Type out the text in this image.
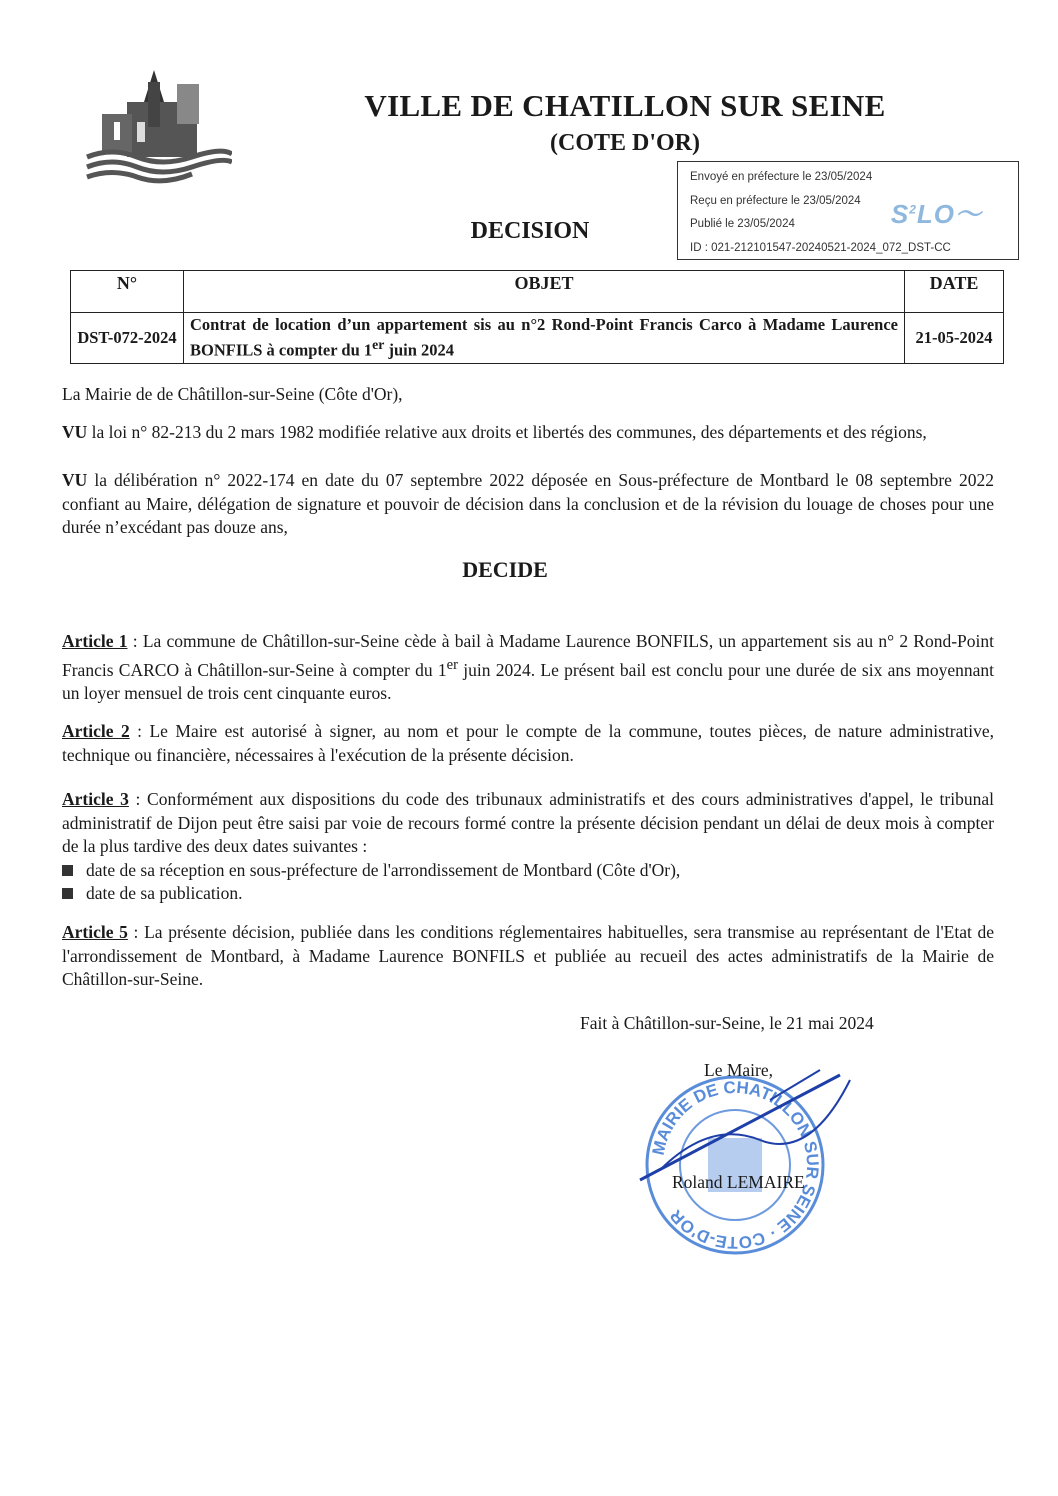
VILLE DE CHATILLON SUR SEINE
(COTE D'OR)
DECISION
Envoyé en préfecture le 23/05/2024
Reçu en préfecture le 23/05/2024
Publié le 23/05/2024
ID : 021-212101547-20240521-2024_072_DST-CC
$S^2LO$〜
N°	OBJET	DATE
DST-072-2024	Contrat de location d’un appartement sis au n°2 Rond-Point Francis Carco à Madame Laurence BONFILS à compter du 1er juin 2024	21-05-2024
La Mairie de de Châtillon-sur-Seine (Côte d'Or),
VU la loi n° 82-213 du 2 mars 1982 modifiée relative aux droits et libertés des communes, des départements et des régions,
VU la délibération n° 2022-174 en date du 07 septembre 2022 déposée en Sous-préfecture de Montbard le 08 septembre 2022 confiant au Maire, délégation de signature et pouvoir de décision dans la conclusion et de la révision du louage de choses pour une durée n’excédant pas douze ans,
DECIDE
Article 1 : La commune de Châtillon-sur-Seine cède à bail à Madame Laurence BONFILS, un appartement sis au n° 2 Rond-Point Francis CARCO à Châtillon-sur-Seine à compter du 1er juin 2024. Le présent bail est conclu pour une durée de six ans moyennant un loyer mensuel de trois cent cinquante euros.
Article 2 : Le Maire est autorisé à signer, au nom et pour le compte de la commune, toutes pièces, de nature administrative, technique ou financière, nécessaires à l'exécution de la présente décision.
Article 3 : Conformément aux dispositions du code des tribunaux administratifs et des cours administratives d'appel, le tribunal administratif de Dijon peut être saisi par voie de recours formé contre la présente décision pendant un délai de deux mois à compter de la plus tardive des deux dates suivantes :
date de sa réception en sous-préfecture de l'arrondissement de Montbard (Côte d'Or),
date de sa publication.
Article 5 : La présente décision, publiée dans les conditions réglementaires habituelles, sera transmise au représentant de l'Etat de l'arrondissement de Montbard, à Madame Laurence BONFILS et publiée au recueil des actes administratifs de la Mairie de Châtillon-sur-Seine.
Fait à Châtillon-sur-Seine, le 21 mai 2024
MAIRIE DE CHATILLON SUR SEINE · COTE-D'OR
Le Maire,
Roland LEMAIRE
